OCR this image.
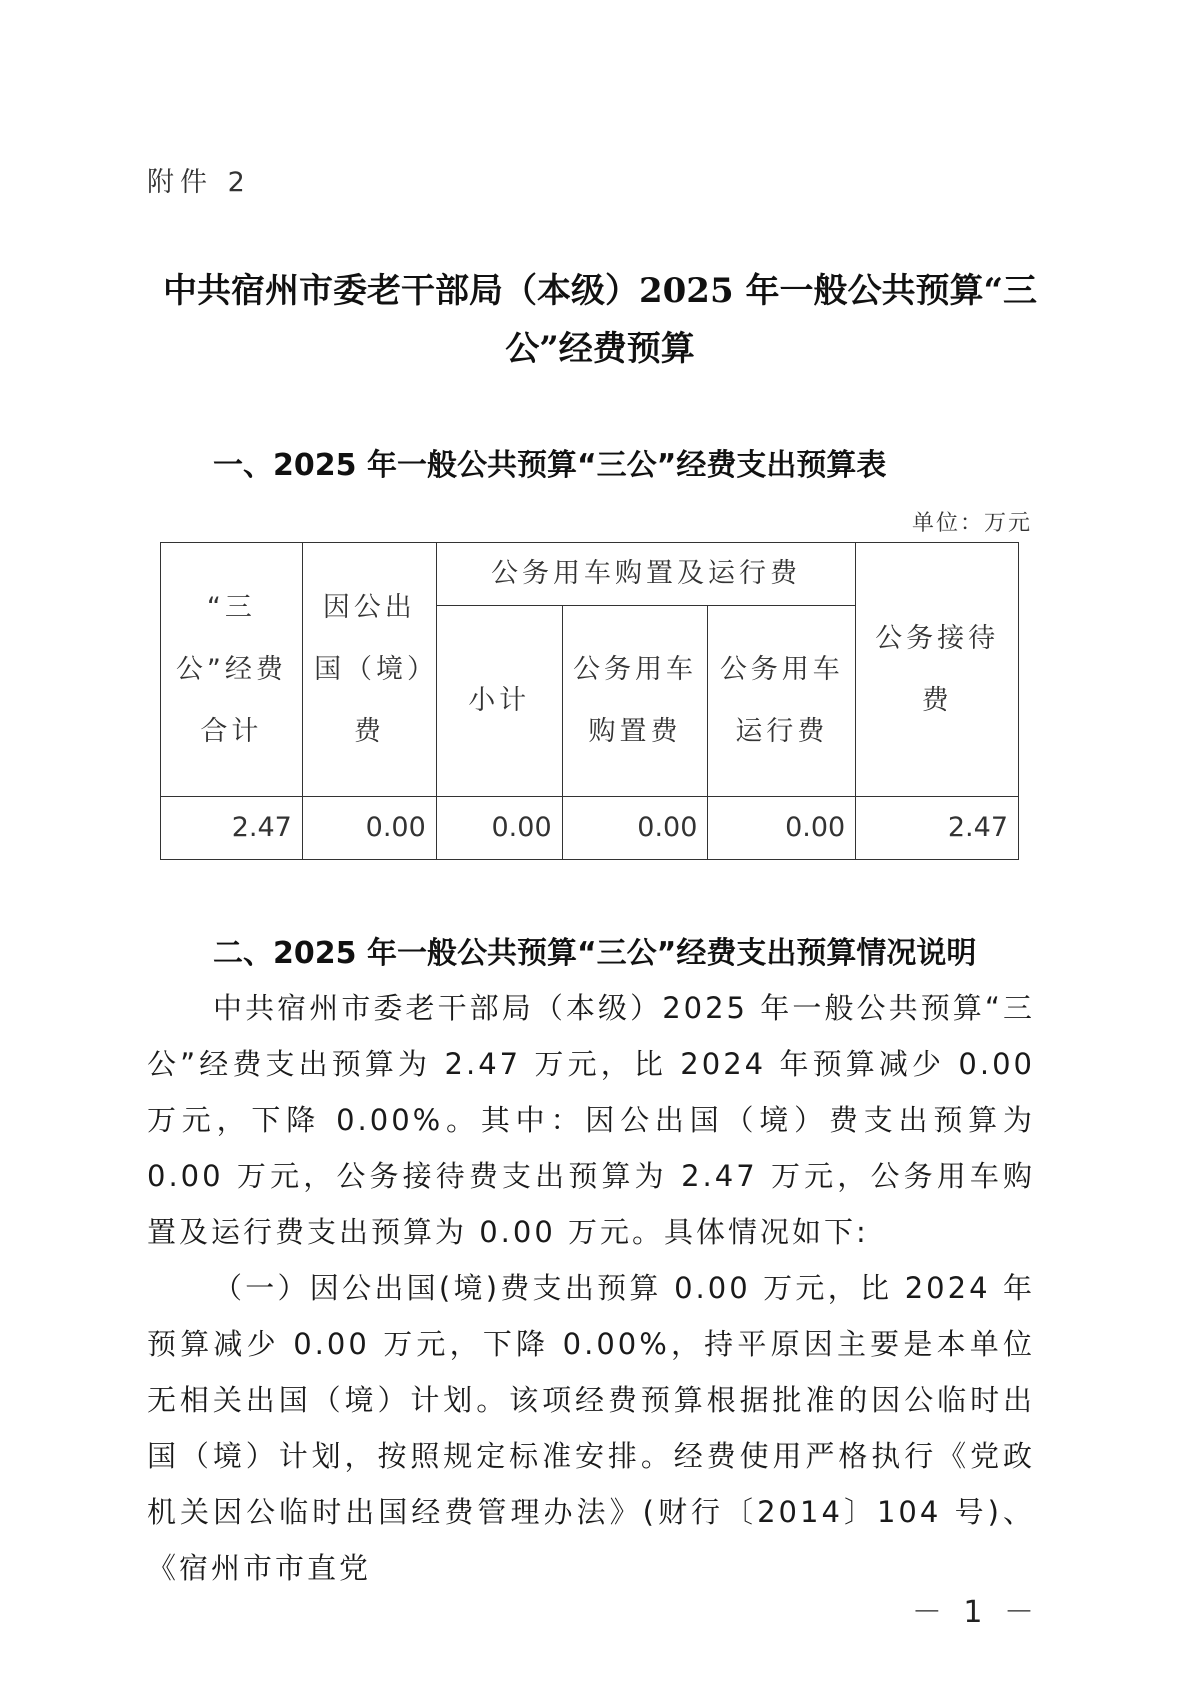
附件 2
中共宿州市委老干部局（本级）2025 年一般公共预算“三公”经费预算
一、2025 年一般公共预算“三公”经费支出预算表
单位：万元
“三公”经费合计	因公出国（境）费	公务用车购置及运行费			公务接待费
		小计	公务用车购置费	公务用车运行费	
2.47	0.00	0.00	0.00	0.00	2.47
二、2025 年一般公共预算“三公”经费支出预算情况说明
中共宿州市委老干部局（本级）2025 年一般公共预算“三公”经费支出预算为 2.47 万元，比 2024 年预算减少 0.00 万元，下降 0.00%。其中：因公出国（境）费支出预算为 0.00 万元，公务接待费支出预算为 2.47 万元，公务用车购置及运行费支出预算为 0.00 万元。具体情况如下:
（一）因公出国(境)费支出预算 0.00 万元，比 2024 年预算减少 0.00 万元，下降 0.00%，持平原因主要是本单位无相关出国（境）计划。该项经费预算根据批准的因公临时出国（境）计划，按照规定标准安排。经费使用严格执行《党政机关因公临时出国经费管理办法》(财行〔2014〕104 号)、《宿州市市直党
－ 1 －
